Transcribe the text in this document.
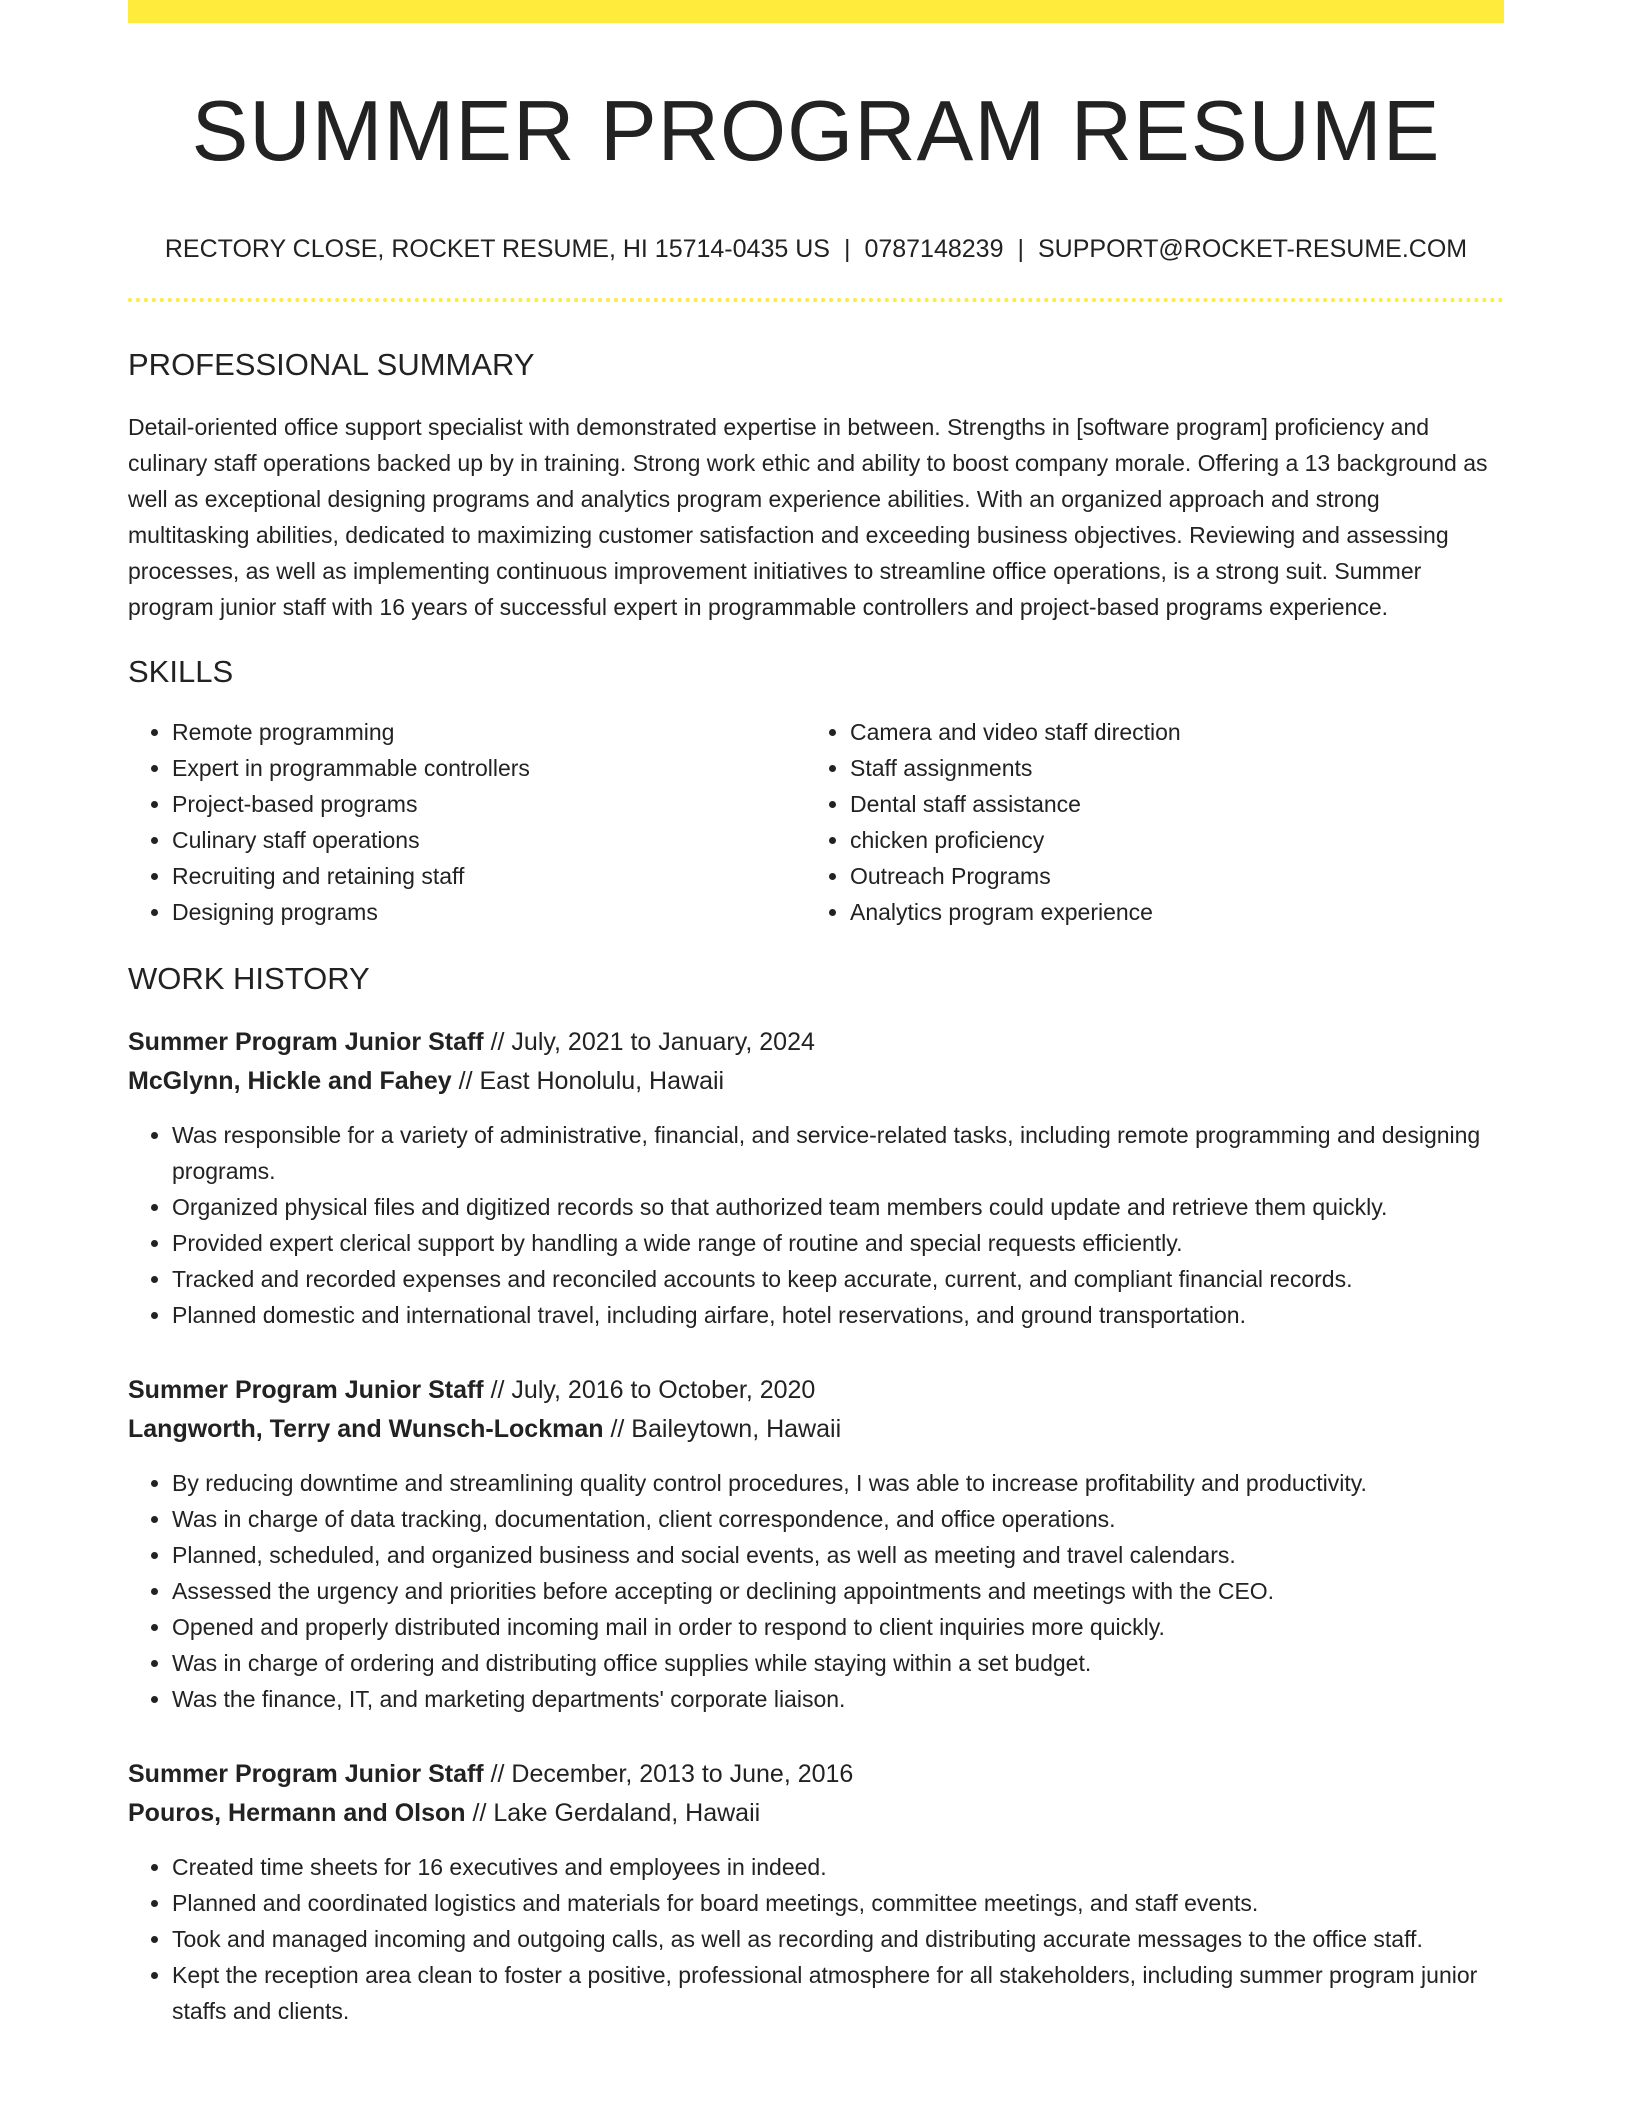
SUMMER PROGRAM RESUME
RECTORY CLOSE, ROCKET RESUME, HI 15714-0435 US | 0787148239 | SUPPORT@ROCKET-RESUME.COM
PROFESSIONAL SUMMARY

Detail-oriented office support specialist with demonstrated expertise in between. Strengths in [software program] proficiency and culinary staff operations backed up by in training. Strong work ethic and ability to boost company morale. Offering a 13 background as well as exceptional designing programs and analytics program experience abilities. With an organized approach and strong multitasking abilities, dedicated to maximizing customer satisfaction and exceeding business objectives. Reviewing and assessing processes, as well as implementing continuous improvement initiatives to streamline office operations, is a strong suit. Summer program junior staff with 16 years of successful expert in programmable controllers and project-based programs experience.

SKILLS
• Remote programming
• Expert in programmable controllers
• Project-based programs
• Culinary staff operations
• Recruiting and retaining staff
• Designing programs
• Camera and video staff direction
• Staff assignments
• Dental staff assistance
• chicken proficiency
• Outreach Programs
• Analytics program experience
WORK HISTORY
Summer Program Junior Staff // July, 2021 to January, 2024
McGlynn, Hickle and Fahey // East Honolulu, Hawaii
• Was responsible for a variety of administrative, financial, and service-related tasks, including remote programming and designing programs.
• Organized physical files and digitized records so that authorized team members could update and retrieve them quickly.
• Provided expert clerical support by handling a wide range of routine and special requests efficiently.
• Tracked and recorded expenses and reconciled accounts to keep accurate, current, and compliant financial records.
• Planned domestic and international travel, including airfare, hotel reservations, and ground transportation.
Summer Program Junior Staff // July, 2016 to October, 2020
Langworth, Terry and Wunsch-Lockman // Baileytown, Hawaii
• By reducing downtime and streamlining quality control procedures, I was able to increase profitability and productivity.
• Was in charge of data tracking, documentation, client correspondence, and office operations.
• Planned, scheduled, and organized business and social events, as well as meeting and travel calendars.
• Assessed the urgency and priorities before accepting or declining appointments and meetings with the CEO.
• Opened and properly distributed incoming mail in order to respond to client inquiries more quickly.
• Was in charge of ordering and distributing office supplies while staying within a set budget.
• Was the finance, IT, and marketing departments' corporate liaison.
Summer Program Junior Staff // December, 2013 to June, 2016
Pouros, Hermann and Olson // Lake Gerdaland, Hawaii
• Created time sheets for 16 executives and employees in indeed.
• Planned and coordinated logistics and materials for board meetings, committee meetings, and staff events.
• Took and managed incoming and outgoing calls, as well as recording and distributing accurate messages to the office staff.
• Kept the reception area clean to foster a positive, professional atmosphere for all stakeholders, including summer program junior staffs and clients.
